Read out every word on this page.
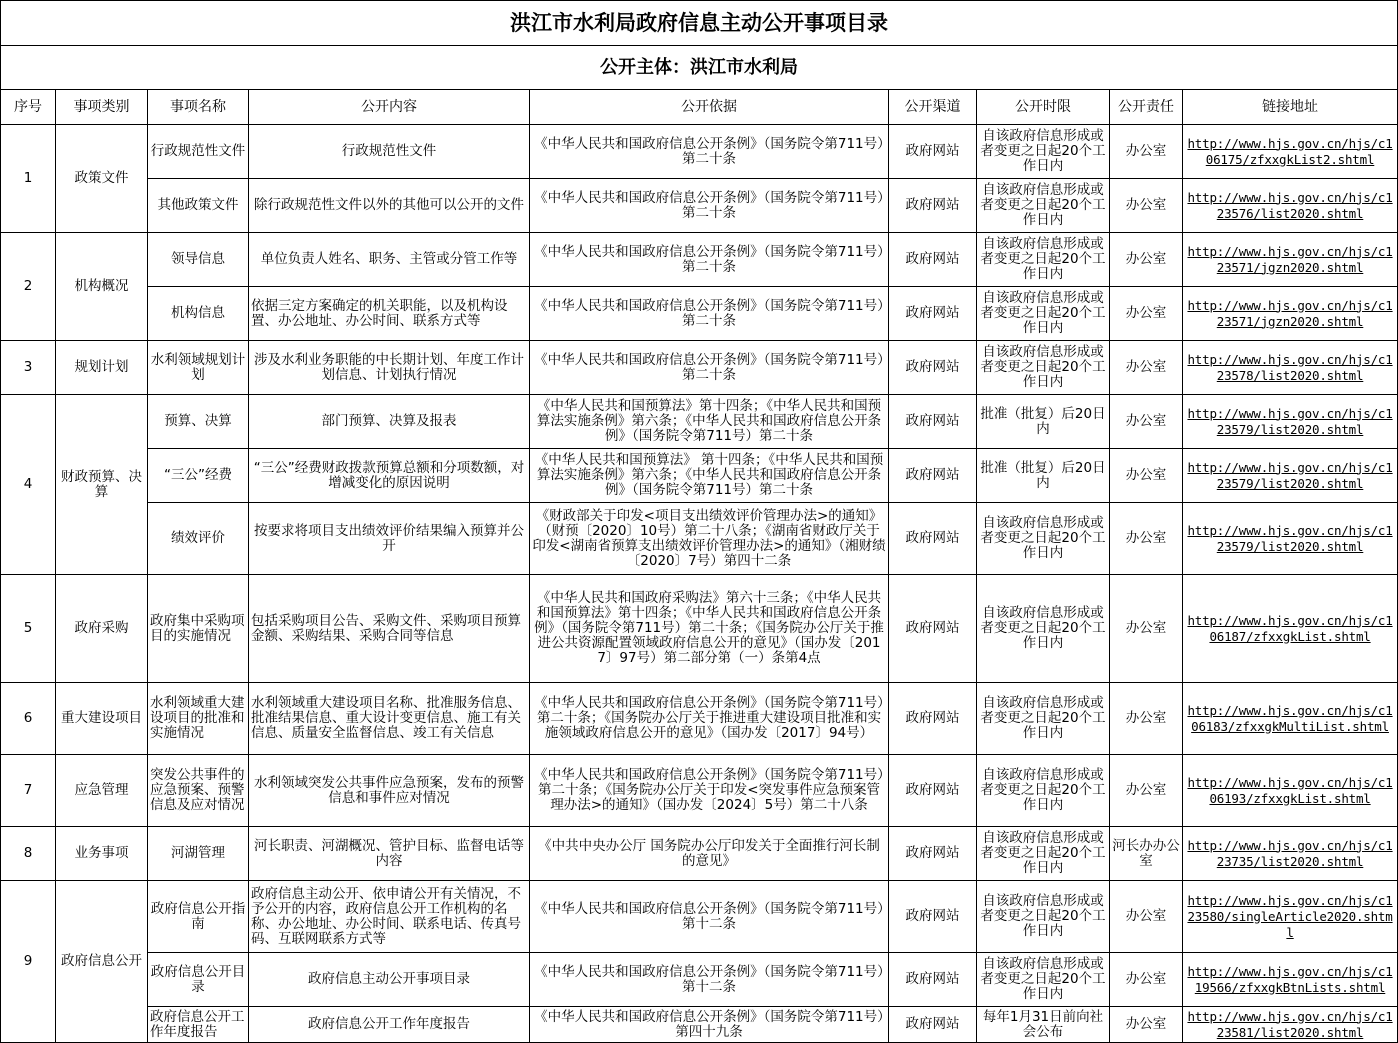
洪江市水利局政府信息主动公开事项目录								
公开主体：洪江市水利局								
序号	事项类别	事项名称	公开内容	公开依据	公开渠道	公开时限	公开责任	链接地址
1	政策文件	行政规范性文件	行政规范性文件	《中华人民共和国政府信息公开条例》（国务院令第711号）第二十条	政府网站	自该政府信息形成或者变更之日起20个工作日内	办公室	http://www.hjs.gov.cn/hjs/c106175/zfxxgkList2.shtml
		其他政策文件	除行政规范性文件以外的其他可以公开的文件	《中华人民共和国政府信息公开条例》（国务院令第711号）第二十条	政府网站	自该政府信息形成或者变更之日起20个工作日内	办公室	http://www.hjs.gov.cn/hjs/c123576/list2020.shtml
2	机构概况	领导信息	单位负责人姓名、职务、主管或分管工作等	《中华人民共和国政府信息公开条例》（国务院令第711号）第二十条	政府网站	自该政府信息形成或者变更之日起20个工作日内	办公室	http://www.hjs.gov.cn/hjs/c123571/jgzn2020.shtml
		机构信息	依据三定方案确定的机关职能，以及机构设置、办公地址、办公时间、联系方式等	《中华人民共和国政府信息公开条例》（国务院令第711号）第二十条	政府网站	自该政府信息形成或者变更之日起20个工作日内	办公室	http://www.hjs.gov.cn/hjs/c123571/jgzn2020.shtml
3	规划计划	水利领域规划计划	涉及水利业务职能的中长期计划、年度工作计划信息、计划执行情况	《中华人民共和国政府信息公开条例》（国务院令第711号）第二十条	政府网站	自该政府信息形成或者变更之日起20个工作日内	办公室	http://www.hjs.gov.cn/hjs/c123578/list2020.shtml
4	财政预算、决算	预算、决算	部门预算、决算及报表	《中华人民共和国预算法》第十四条；《中华人民共和国预算法实施条例》第六条；《中华人民共和国政府信息公开条例》（国务院令第711号）第二十条	政府网站	批准（批复）后20日内	办公室	http://www.hjs.gov.cn/hjs/c123579/list2020.shtml
		“三公”经费	“三公”经费财政拨款预算总额和分项数额，对增减变化的原因说明	《中华人民共和国预算法》 第十四条；《中华人民共和国预算法实施条例》第六条；《中华人民共和国政府信息公开条例》（国务院令第711号）第二十条	政府网站	批准（批复）后20日内	办公室	http://www.hjs.gov.cn/hjs/c123579/list2020.shtml
		绩效评价	按要求将项目支出绩效评价结果编入预算并公开	《财政部关于印发<项目支出绩效评价管理办法>的通知》（财预〔2020〕10号）第二十八条；《湖南省财政厅关于印发<湖南省预算支出绩效评价管理办法>的通知》（湘财绩〔2020〕7号）第四十二条	政府网站	自该政府信息形成或者变更之日起20个工作日内	办公室	http://www.hjs.gov.cn/hjs/c123579/list2020.shtml
5	政府采购	政府集中采购项目的实施情况	包括采购项目公告、采购文件、采购项目预算金额、采购结果、采购合同等信息	《中华人民共和国政府采购法》第六十三条；《中华人民共和国预算法》第十四条；《中华人民共和国政府信息公开条例》（国务院令第711号）第二十条；《国务院办公厅关于推进公共资源配置领域政府信息公开的意见》（国办发〔2017〕97号）第二部分第（一）条第4点	政府网站	自该政府信息形成或者变更之日起20个工作日内	办公室	http://www.hjs.gov.cn/hjs/c106187/zfxxgkList.shtml
6	重大建设项目	水利领域重大建设项目的批准和实施情况	水利领域重大建设项目名称、批准服务信息、批准结果信息、重大设计变更信息、施工有关信息、质量安全监督信息、竣工有关信息	《中华人民共和国政府信息公开条例》（国务院令第711号）第二十条；《国务院办公厅关于推进重大建设项目批准和实施领域政府信息公开的意见》（国办发〔2017〕94号）	政府网站	自该政府信息形成或者变更之日起20个工作日内	办公室	http://www.hjs.gov.cn/hjs/c106183/zfxxgkMultiList.shtml
7	应急管理	突发公共事件的应急预案、预警信息及应对情况	水利领域突发公共事件应急预案，发布的预警信息和事件应对情况	《中华人民共和国政府信息公开条例》（国务院令第711号）第二十条；《国务院办公厅关于印发<突发事件应急预案管理办法>的通知》（国办发〔2024〕5号）第二十八条	政府网站	自该政府信息形成或者变更之日起20个工作日内	办公室	http://www.hjs.gov.cn/hjs/c106193/zfxxgkList.shtml
8	业务事项	河湖管理	河长职责、河湖概况、管护目标、监督电话等内容	《中共中央办公厅 国务院办公厅印发关于全面推行河长制的意见》	政府网站	自该政府信息形成或者变更之日起20个工作日内	河长办办公室	http://www.hjs.gov.cn/hjs/c123735/list2020.shtml
9	政府信息公开	政府信息公开指南	政府信息主动公开、依申请公开有关情况，不予公开的内容，政府信息公开工作机构的名称、办公地址、办公时间、联系电话、传真号码、互联网联系方式等	《中华人民共和国政府信息公开条例》（国务院令第711号）第十二条	政府网站	自该政府信息形成或者变更之日起20个工作日内	办公室	http://www.hjs.gov.cn/hjs/c123580/singleArticle2020.shtml
		政府信息公开目录	政府信息主动公开事项目录	《中华人民共和国政府信息公开条例》（国务院令第711号）第十二条	政府网站	自该政府信息形成或者变更之日起20个工作日内	办公室	http://www.hjs.gov.cn/hjs/c119566/zfxxgkBtnLists.shtml
		政府信息公开工作年度报告	政府信息公开工作年度报告	《中华人民共和国政府信息公开条例》（国务院令第711号）第四十九条	政府网站	每年1月31日前向社会公布	办公室	http://www.hjs.gov.cn/hjs/c123581/list2020.shtml
